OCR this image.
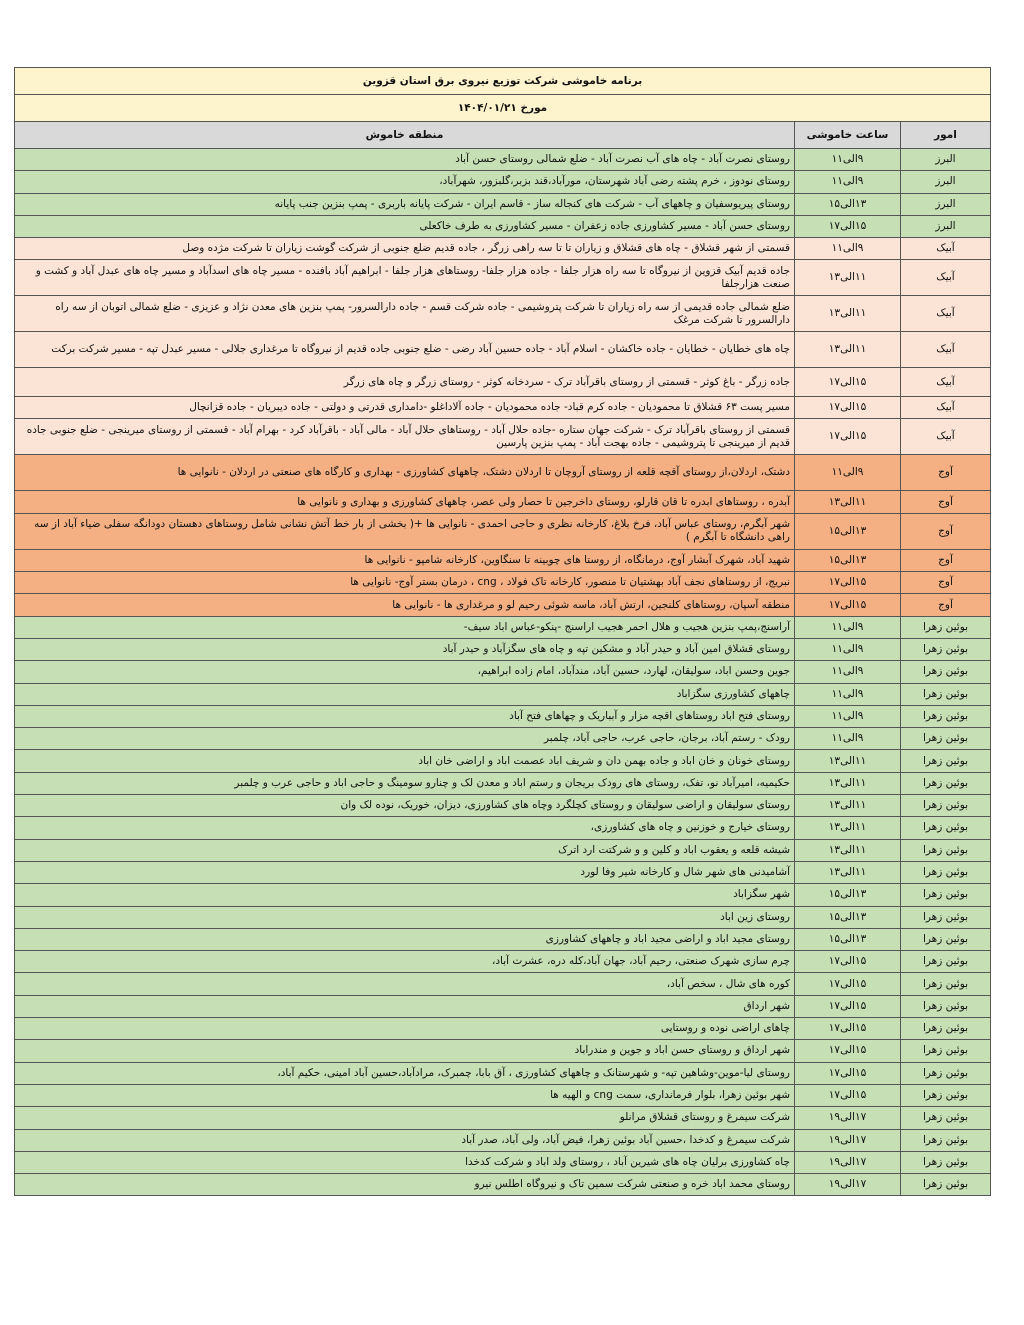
برنامه خاموشی شرکت توزیع نیروی برق استان قزوین		
مورخ ۱۴۰۴/۰۱/۲۱		
امور	ساعت خاموشی	منطقه خاموش
البرز	۹الی۱۱	روستای نصرت آباد - چاه های آب نصرت آباد - ضلع شمالی روستای حسن آباد
البرز	۹الی۱۱	روستای نودوز ، خرم پشته رضی آباد شهرستان، مورآباد،قند بزبر،گلبزور، شهرآباد،
البرز	۱۳الی۱۵	روستای پیریوسفیان و چاههای آب - شرکت های کنجاله ساز - قاسم ایران - شرکت پایانه باربری - پمپ بنزین جنب پایانه
البرز	۱۵الی۱۷	روستای حسن آباد - مسیر کشاورزی جاده زعفران - مسیر کشاورزی به طرف خاکعلی
آبیک	۹الی۱۱	قسمتی از شهر قشلاق - چاه های قشلاق و زیاران تا تا سه راهی زرگر ، جاده قدیم ضلع جنوبی از شرکت گوشت زیاران تا شرکت مژده وصل
آبیک	۱۱الی۱۳	جاده قدیم آبیک قزوین از نیروگاه تا سه راه هزار جلفا - جاده هزار جلفا- روستاهای هزار جلفا - ابراهیم آباد بافنده - مسیر چاه های اسدآباد و مسیر چاه های عبدل آباد و کشت و صنعت هزارجلفا
آبیک	۱۱الی۱۳	ضلع شمالی جاده قدیمی از سه راه زیاران تا شرکت پتروشیمی - جاده شرکت قسم - جاده دارالسرور- پمپ بنزین های معدن نژاد و عزیزی - ضلع شمالی اتوبان از سه راه دارالسرور تا شرکت مرغک
آبیک	۱۱الی۱۳	چاه های خطایان - خطایان - جاده خاکشان - اسلام آباد - جاده حسین آباد رضی - ضلع جنوبی جاده قدیم از نیروگاه تا مرغداری جلالی - مسیر عبدل تپه - مسیر شرکت برکت
آبیک	۱۵الی۱۷	جاده زرگر - باغ کوثر - قسمتی از روستای باقرآباد ترک - سردخانه کوثر - روستای زرگر و چاه های زرگر
آبیک	۱۵الی۱۷	مسیر پست ۶۳ قشلاق تا محمودیان - جاده کرم قباد- جاده محمودیان - جاده آلاداغلو -دامداری قدرتی و دولتی - جاده دیبریان - جاده قزانچال
آبیک	۱۵الی۱۷	قسمتی از روستای باقرآباد ترک - شرکت جهان ستاره -جاده حلال آباد - روستاهای حلال آباد - مالی آباد - باقرآباد کرد - بهرام آباد - قسمتی از روستای میرینجی - ضلع جنوبی جاده قدیم از میرینجی تا پتروشیمی - جاده بهجت آباد - پمپ بنزین پارسین
آوج	۹الی۱۱	دشتک، اردلان،از روستای آقچه قلعه از روستای آروچان تا اردلان دشتک، چاههای کشاورزی - بهداری و کارگاه های صنعتی در اردلان - نانوایی ها
آوج	۱۱الی۱۳	آبدره ، روستاهای ابدره تا قان قارلو، روستای داخرجین تا حصار ولی عصر، چاههای کشاورزی و بهداری و نانوایی ها
آوج	۱۳الی۱۵	شهر آبگرم، روستای عباس آباد، فرخ بلاغ، کارخانه نظری و حاجی احمدی - نانوایی ها +( بخشی از بار خط آتش نشانی شامل روستاهای دهستان دودانگه سفلی ضیاء آباد از سه راهی دانشگاه تا آبگرم )
آوج	۱۳الی۱۵	شهید آباد، شهرک آبشار آوج، درمانگاه، از روستا های چوبینه تا سنگاوین، کارخانه شامپو - نانوایی ها
آوج	۱۵الی۱۷	نبریج، از روستاهای نجف آباد بهشتیان تا منصور، کارخانه تاک فولاد ، cng ، درمان بستر آوج- نانوایی ها
آوج	۱۵الی۱۷	منطقه آسپان، روستاهای کلنجین، ارتش آباد، ماسه شوئی رحیم لو و مرغداری ها - نانوایی ها
بوئین زهرا	۹الی۱۱	آراسنج،پمپ بنزین هجیب و هلال احمر هجیب اراسنج -پنکو-عباس اباد سیف-
بوئین زهرا	۹الی۱۱	روستای قشلاق امین آباد و حیدر آباد و مشکین تپه و چاه های سگزآباد و حیدر آباد
بوئین زهرا	۹الی۱۱	جوین وحسن اباد، سولیقان، لهارد، حسین آباد، مندآباد، امام زاده ابراهیم،
بوئین زهرا	۹الی۱۱	چاههای کشاورزی سگزاباد
بوئین زهرا	۹الی۱۱	روستای فتح اباد روستاهای اقچه مزار و آبباریک و چهاهای فتح آباد
بوئین زهرا	۹الی۱۱	رودک - رستم آباد، برجان، حاجی عرب، حاجی آباد، چلمبر
بوئین زهرا	۱۱الی۱۳	روستای خونان و خان اباد و جاده بهمن دان و شریف اباد عصمت اباد و اراضی خان اباد
بوئین زهرا	۱۱الی۱۳	حکیمیه، امیرآباد نو، تفک، روستای های رودک بریجان و رستم اباد و معدن لک و چنارو سومینگ و حاجی اباد و حاجی عرب و چلمبر
بوئین زهرا	۱۱الی۱۳	روستای سولیقان و اراضی سولیقان و روستای کچلگرد وچاه های کشاورزی، دیزان، خوریک، نوده لک وان
بوئین زهرا	۱۱الی۱۳	روستای خیارج و خوزنین و چاه های کشاورزی،
بوئین زهرا	۱۱الی۱۳	شیشه قلعه و یعقوب اباد و کلین و و شرکتت ارد اترک
بوئین زهرا	۱۱الی۱۳	آشامیدنی های شهر شال و کارخانه شیر وفا لورد
بوئین زهرا	۱۳الی۱۵	شهر سگزاباد
بوئین زهرا	۱۳الی۱۵	روستای زین اباد
بوئین زهرا	۱۳الی۱۵	روستای مجید اباد و اراضی مجید اباد و چاههای کشاورزی
بوئین زهرا	۱۵الی۱۷	چرم سازی شهرک صنعتی، رحیم آباد، جهان آباد،کله دره، عشرت آباد،
بوئین زهرا	۱۵الی۱۷	کوره های شال ، سخص آباد،
بوئین زهرا	۱۵الی۱۷	شهر ارداق
بوئین زهرا	۱۵الی۱۷	چاهای اراضی نوده و روستایی
بوئین زهرا	۱۵الی۱۷	شهر ارداق و روستای حسن اباد و جوین و مندراباد
بوئین زهرا	۱۵الی۱۷	روستای لیا-موین-وشاهین تپه- و شهرستانک و چاههای کشاورزی ، آق بابا، چمبرک، مرادآباد،حسین آباد امینی، حکیم آباد،
بوئین زهرا	۱۵الی۱۷	شهر بوئین زهرا، بلوار فرمانداری، سمت cng و الهیه ها
بوئین زهرا	۱۷الی۱۹	شرکت سیمرغ و روستای قشلاق مرانلو
بوئین زهرا	۱۷الی۱۹	شرکت سیمرغ و کدخدا ،حسین آباد بوئین زهرا، فیض آباد، ولی آباد، صدر آباد
بوئین زهرا	۱۷الی۱۹	چاه کشاورزی برلیان چاه های شیرین آباد ، روستای ولد اباد و شرکت کدخدا
بوئین زهرا	۱۷الی۱۹	روستای محمد اباد خره و صنعتی شرکت سمین تاک و نیروگاه اطلس نیرو
